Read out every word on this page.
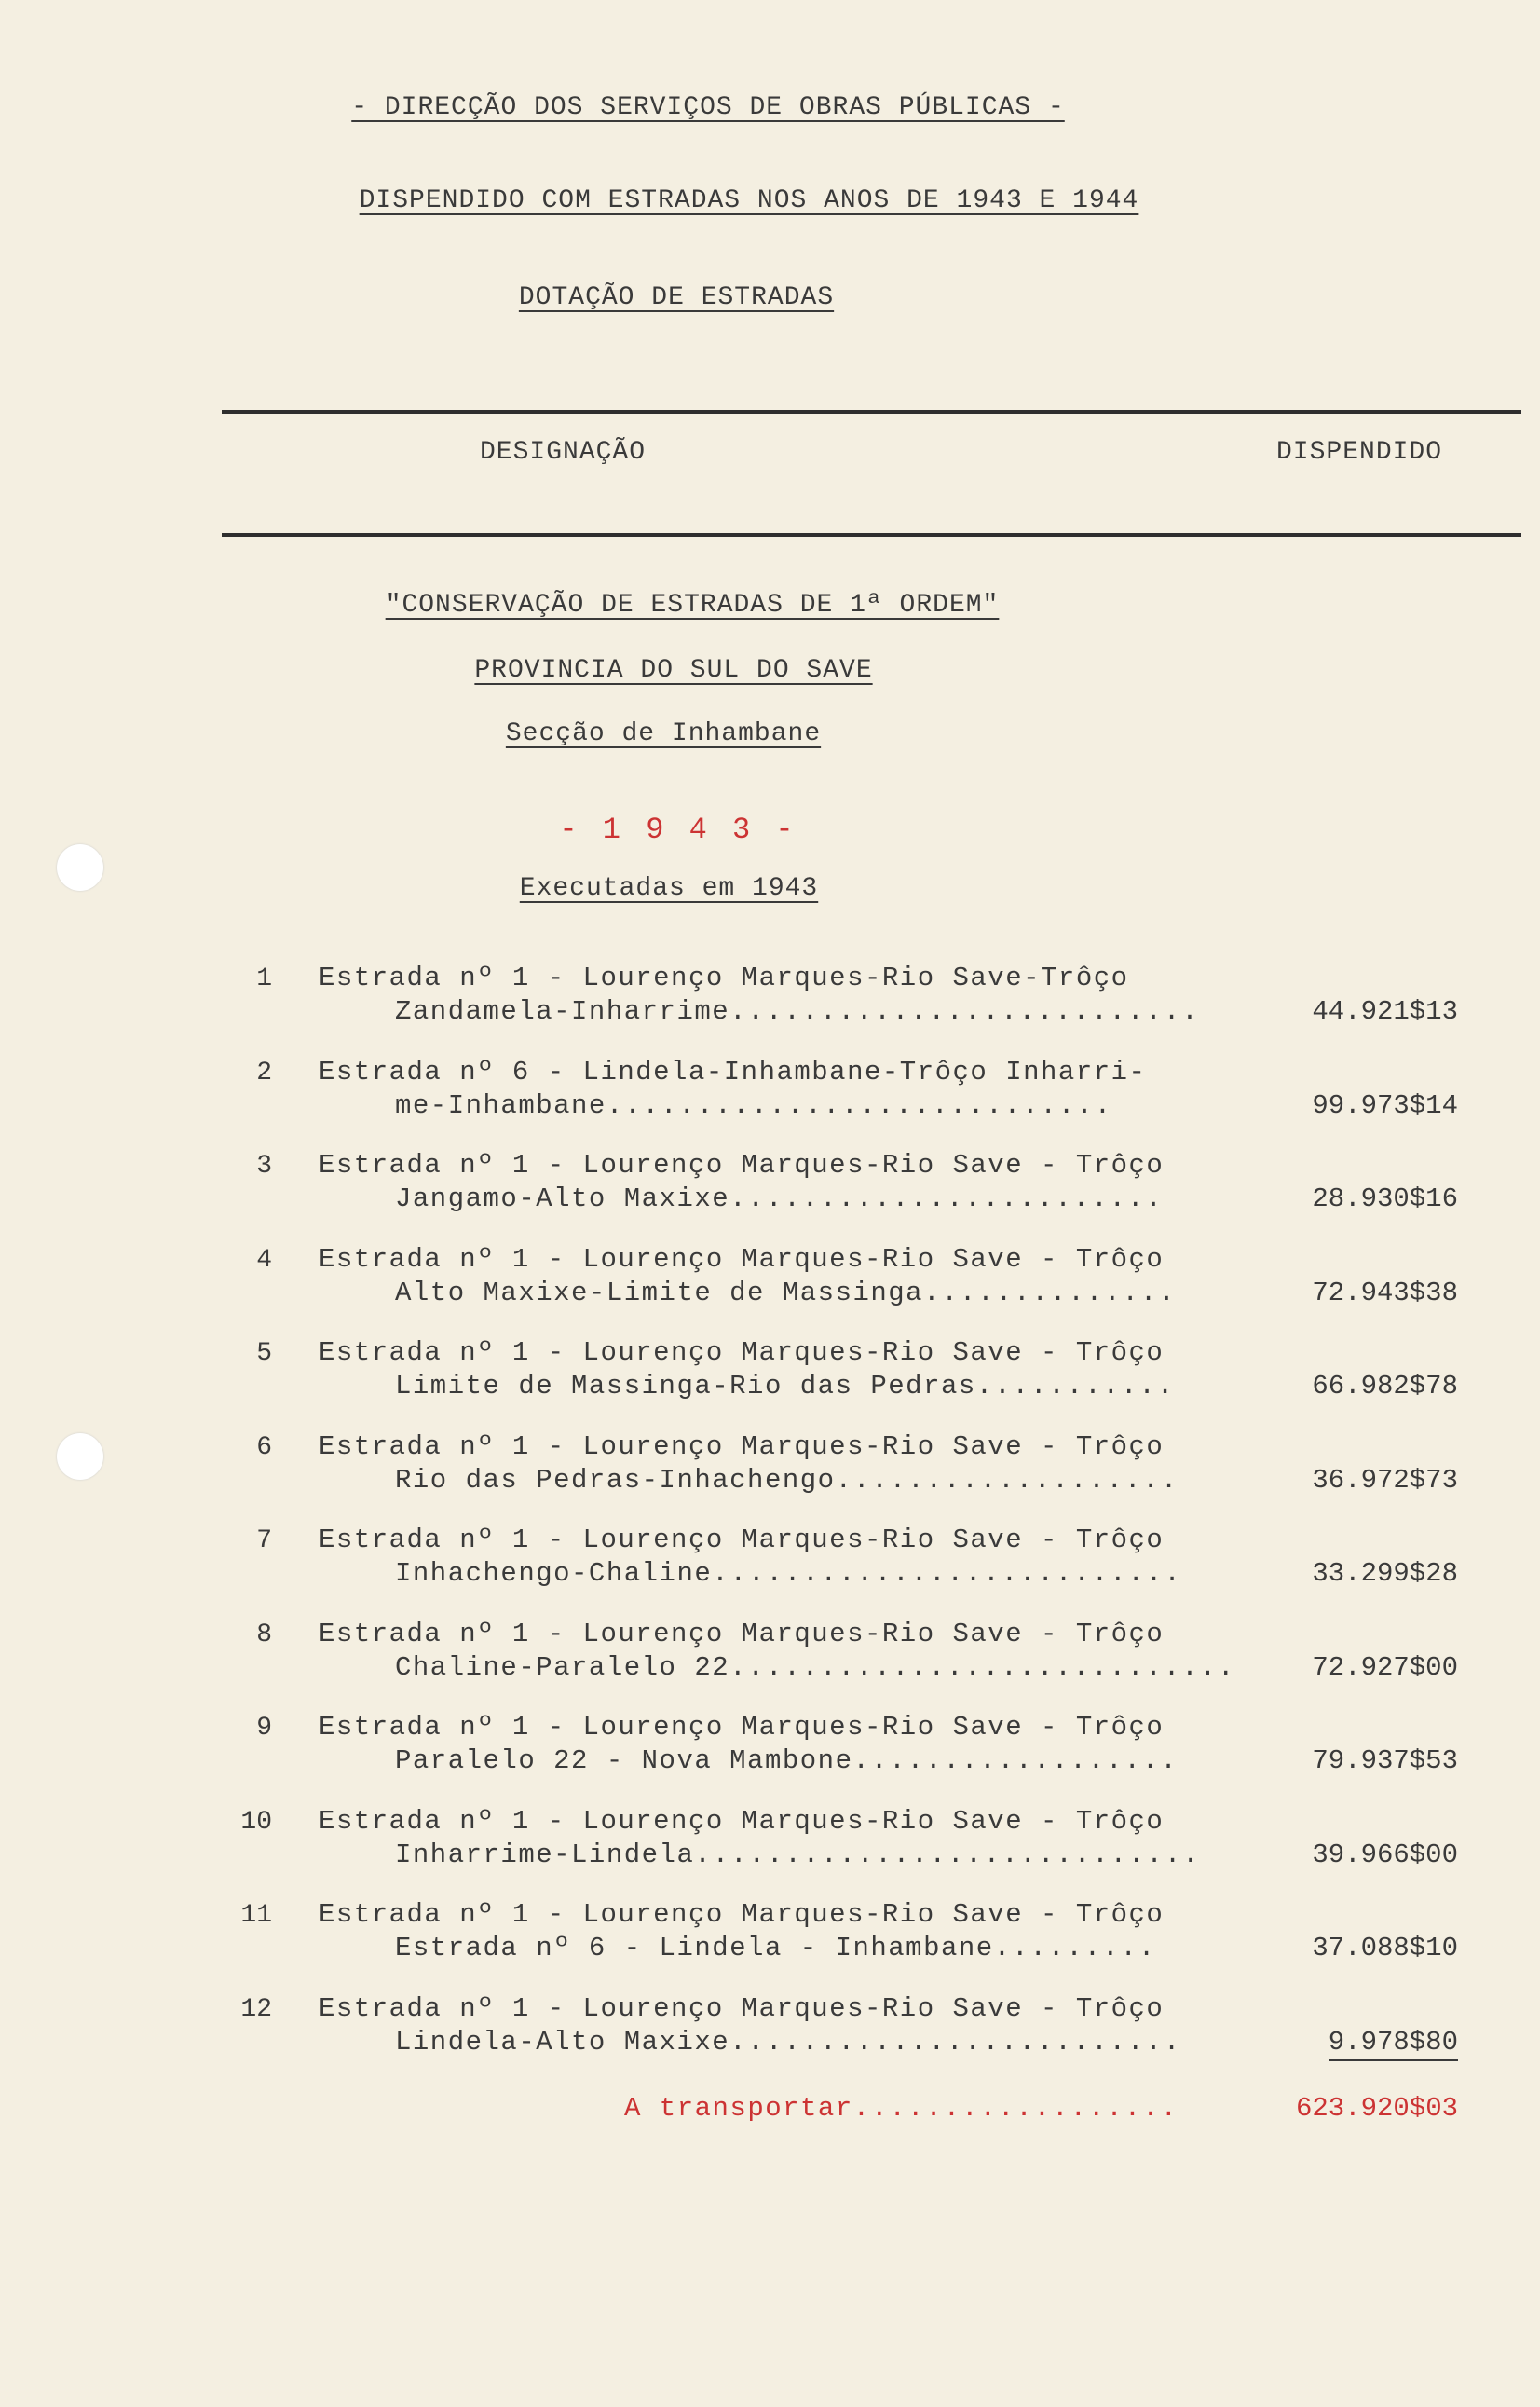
- DIRECÇÃO DOS SERVIÇOS DE OBRAS PÚBLICAS -
DISPENDIDO COM ESTRADAS NOS ANOS DE 1943 E 1944
DOTAÇÃO DE ESTRADAS
DESIGNAÇÃO	DISPENDIDO
"CONSERVAÇÃO DE ESTRADAS DE 1ª ORDEM"
PROVINCIA DO SUL DO SAVE
Secção de Inhambane
- 1 9 4 3 -
Executadas em 1943
1 Estrada nº 1 - Lourenço Marques-Rio Save-Trôço
Zandamela-Inharrime..........................	44.921$13
2 Estrada nº 6 - Lindela-Inhambane-Trôço Inharri-
me-Inhambane............................	99.973$14
3 Estrada nº 1 - Lourenço Marques-Rio Save - Trôço
Jangamo-Alto Maxixe........................	28.930$16
4 Estrada nº 1 - Lourenço Marques-Rio Save - Trôço
Alto Maxixe-Limite de Massinga..............	72.943$38
5 Estrada nº 1 - Lourenço Marques-Rio Save - Trôço
Limite de Massinga-Rio das Pedras...........	66.982$78
6 Estrada nº 1 - Lourenço Marques-Rio Save - Trôço
Rio das Pedras-Inhachengo...................	36.972$73
7 Estrada nº 1 - Lourenço Marques-Rio Save - Trôço
Inhachengo-Chaline..........................	33.299$28
8 Estrada nº 1 - Lourenço Marques-Rio Save - Trôço
Chaline-Paralelo 22............................	72.927$00
9 Estrada nº 1 - Lourenço Marques-Rio Save - Trôço
Paralelo 22 - Nova Mambone..................	79.937$53
10 Estrada nº 1 - Lourenço Marques-Rio Save - Trôço
Inharrime-Lindela............................	39.966$00
11 Estrada nº 1 - Lourenço Marques-Rio Save - Trôço
Estrada nº 6 - Lindela - Inhambane.........	37.088$10
12 Estrada nº 1 - Lourenço Marques-Rio Save - Trôço
Lindela-Alto Maxixe.........................	9.978$80
A transportar..................	623.920$03
